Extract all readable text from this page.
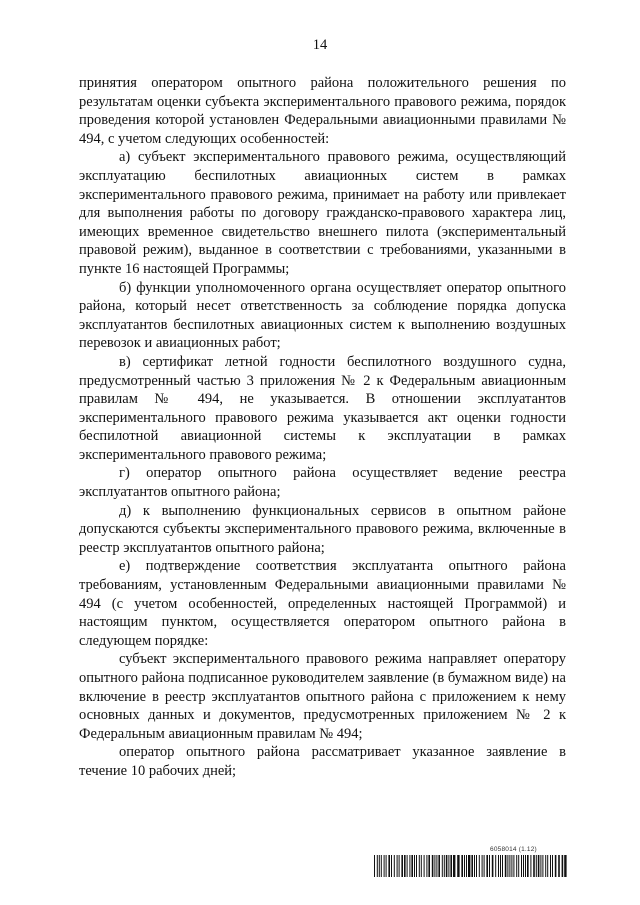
14

принятия оператором опытного района положительного решения по результатам оценки субъекта экспериментального правового режима, порядок проведения которой установлен Федеральными авиационными правилами № 494, с учетом следующих особенностей:

а) субъект экспериментального правового режима, осуществляющий эксплуатацию беспилотных авиационных систем в рамках экспериментального правового режима, принимает на работу или привлекает для выполнения работы по договору гражданско-правового характера лиц, имеющих временное свидетельство внешнего пилота (экспериментальный правовой режим), выданное в соответствии с требованиями, указанными в пункте 16 настоящей Программы;

б) функции уполномоченного органа осуществляет оператор опытного района, который несет ответственность за соблюдение порядка допуска эксплуатантов беспилотных авиационных систем к выполнению воздушных перевозок и авиационных работ;

в) сертификат летной годности беспилотного воздушного судна, предусмотренный частью 3 приложения № 2 к Федеральным авиационным правилам № 494, не указывается. В отношении эксплуатантов экспериментального правового режима указывается акт оценки годности беспилотной авиационной системы к эксплуатации в рамках экспериментального правового режима;

г) оператор опытного района осуществляет ведение реестра эксплуатантов опытного района;

д) к выполнению функциональных сервисов в опытном районе допускаются субъекты экспериментального правового режима, включенные в реестр эксплуатантов опытного района;

е) подтверждение соответствия эксплуатанта опытного района требованиям, установленным Федеральными авиационными правилами № 494 (с учетом особенностей, определенных настоящей Программой) и настоящим пунктом, осуществляется оператором опытного района в следующем порядке:

субъект экспериментального правового режима направляет оператору опытного района подписанное руководителем заявление (в бумажном виде) на включение в реестр эксплуатантов опытного района с приложением к нему основных данных и документов, предусмотренных приложением № 2 к Федеральным авиационным правилам № 494;

оператор опытного района рассматривает указанное заявление в течение 10 рабочих дней;

6058014 (1.12)
